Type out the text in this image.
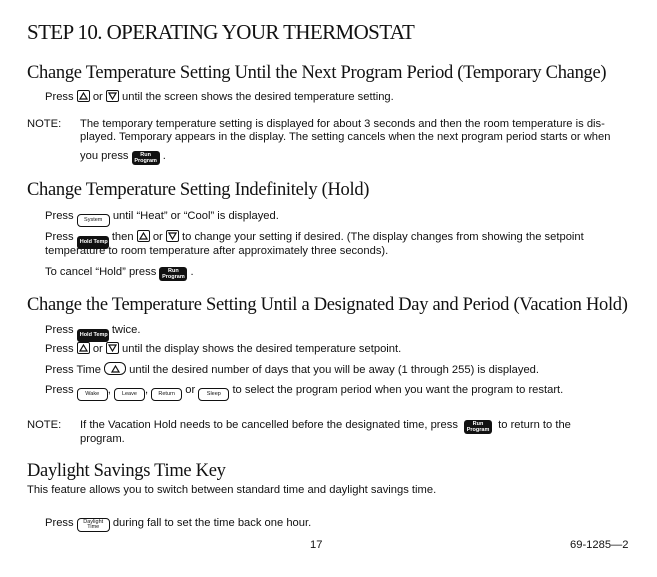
STEP 10. OPERATING YOUR THERMOSTAT
Change Temperature Setting Until the Next Program Period (Temporary Change)
Press or until the screen shows the desired temperature setting.
NOTE: The temporary temperature setting is displayed for about 3 seconds and then the room temperature is dis-
played. Temporary appears in the display. The setting cancels when the next program period starts or when
you press Run
Program .
Change Temperature Setting Indefinitely (Hold)
Press System until “Heat” or “Cool” is displayed.
Press Hold Temp then or to change your setting if desired. (The display changes from showing the setpoint
temperature to room temperature after approximately three seconds).
To cancel “Hold” press Run
Program .
Change the Temperature Setting Until a Designated Day and Period (Vacation Hold)
Press Hold Temp twice.
Press or until the display shows the desired temperature setpoint.
Press Time	until the desired number of days that you will be away (1 through 255) is displayed.
Press Wake , Leave , Return or Sleep to select the program period when you want the program to restart.
NOTE: If the Vacation Hold needs to be cancelled before the designated time, press	Run
Program to return to the
program.
Daylight Savings Time Key
This feature allows you to switch between standard time and daylight savings time.
Press Daylight
Time during fall to set the time back one hour.
17	69-1285—2
